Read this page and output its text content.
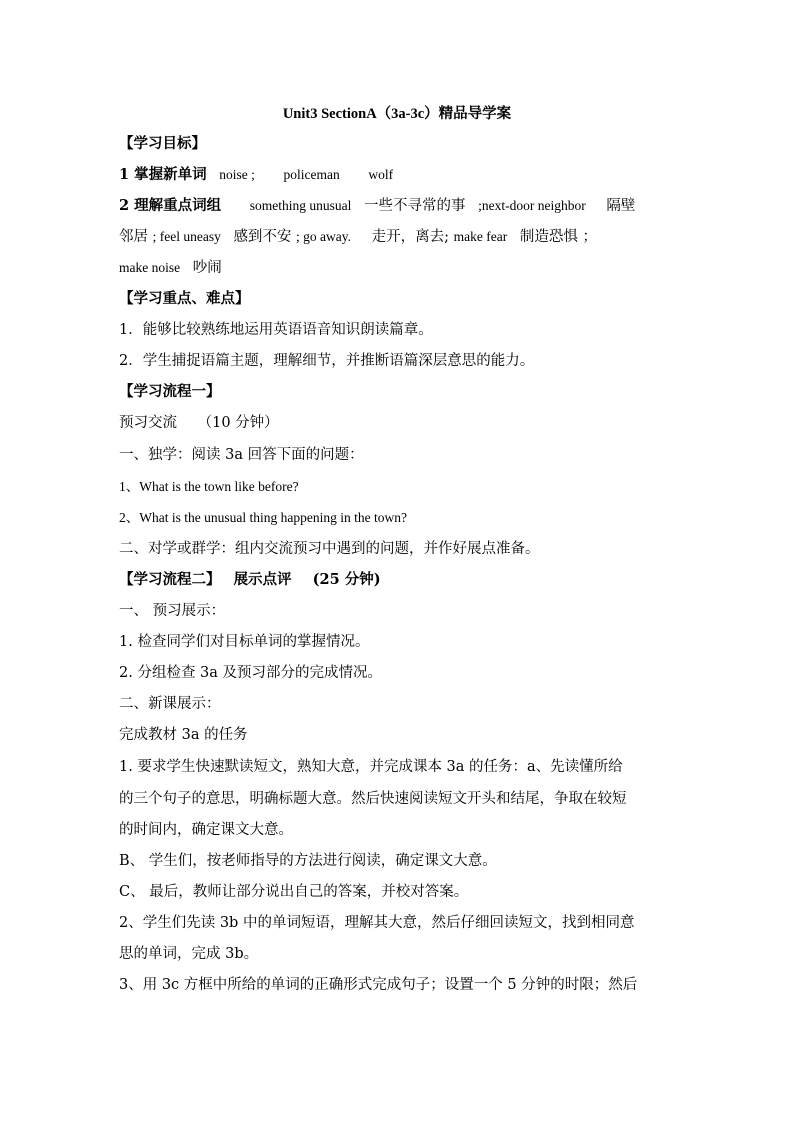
Unit3 SectionA（3a-3c）精品导学案
【学习目标】
1 掌握新单词 noise ; policeman wolf
2 理解重点词组 something unusual 一些不寻常的事 ;next-door neighbor 隔壁
邻居 ; feel uneasy 感到不安 ; go away. 走开，离去; make fear 制造恐惧 ；
make noise 吵闹
【学习重点、难点】
1．能够比较熟练地运用英语语音知识朗读篇章。
2．学生捕捉语篇主题，理解细节，并推断语篇深层意思的能力。
【学习流程一】
预习交流 （10 分钟）
一、独学：阅读 3a 回答下面的问题：
1、What is the town like before?
2、What is the unusual thing happening in the town?
二、对学或群学：组内交流预习中遇到的问题，并作好展点准备。
【学习流程二】 展示点评 (25 分钟)
一、 预习展示：
1. 检查同学们对目标单词的掌握情况。
2. 分组检查 3a 及预习部分的完成情况。
二、新课展示：
完成教材 3a 的任务
1. 要求学生快速默读短文，熟知大意，并完成课本 3a 的任务：a、先读懂所给
的三个句子的意思，明确标题大意。然后快速阅读短文开头和结尾，争取在较短
的时间内，确定课文大意。
B、 学生们，按老师指导的方法进行阅读，确定课文大意。
C、 最后，教师让部分说出自己的答案，并校对答案。
2、学生们先读 3b 中的单词短语，理解其大意，然后仔细回读短文，找到相同意
思的单词，完成 3b。
3、用 3c 方框中所给的单词的正确形式完成句子；设置一个 5 分钟的时限；然后
